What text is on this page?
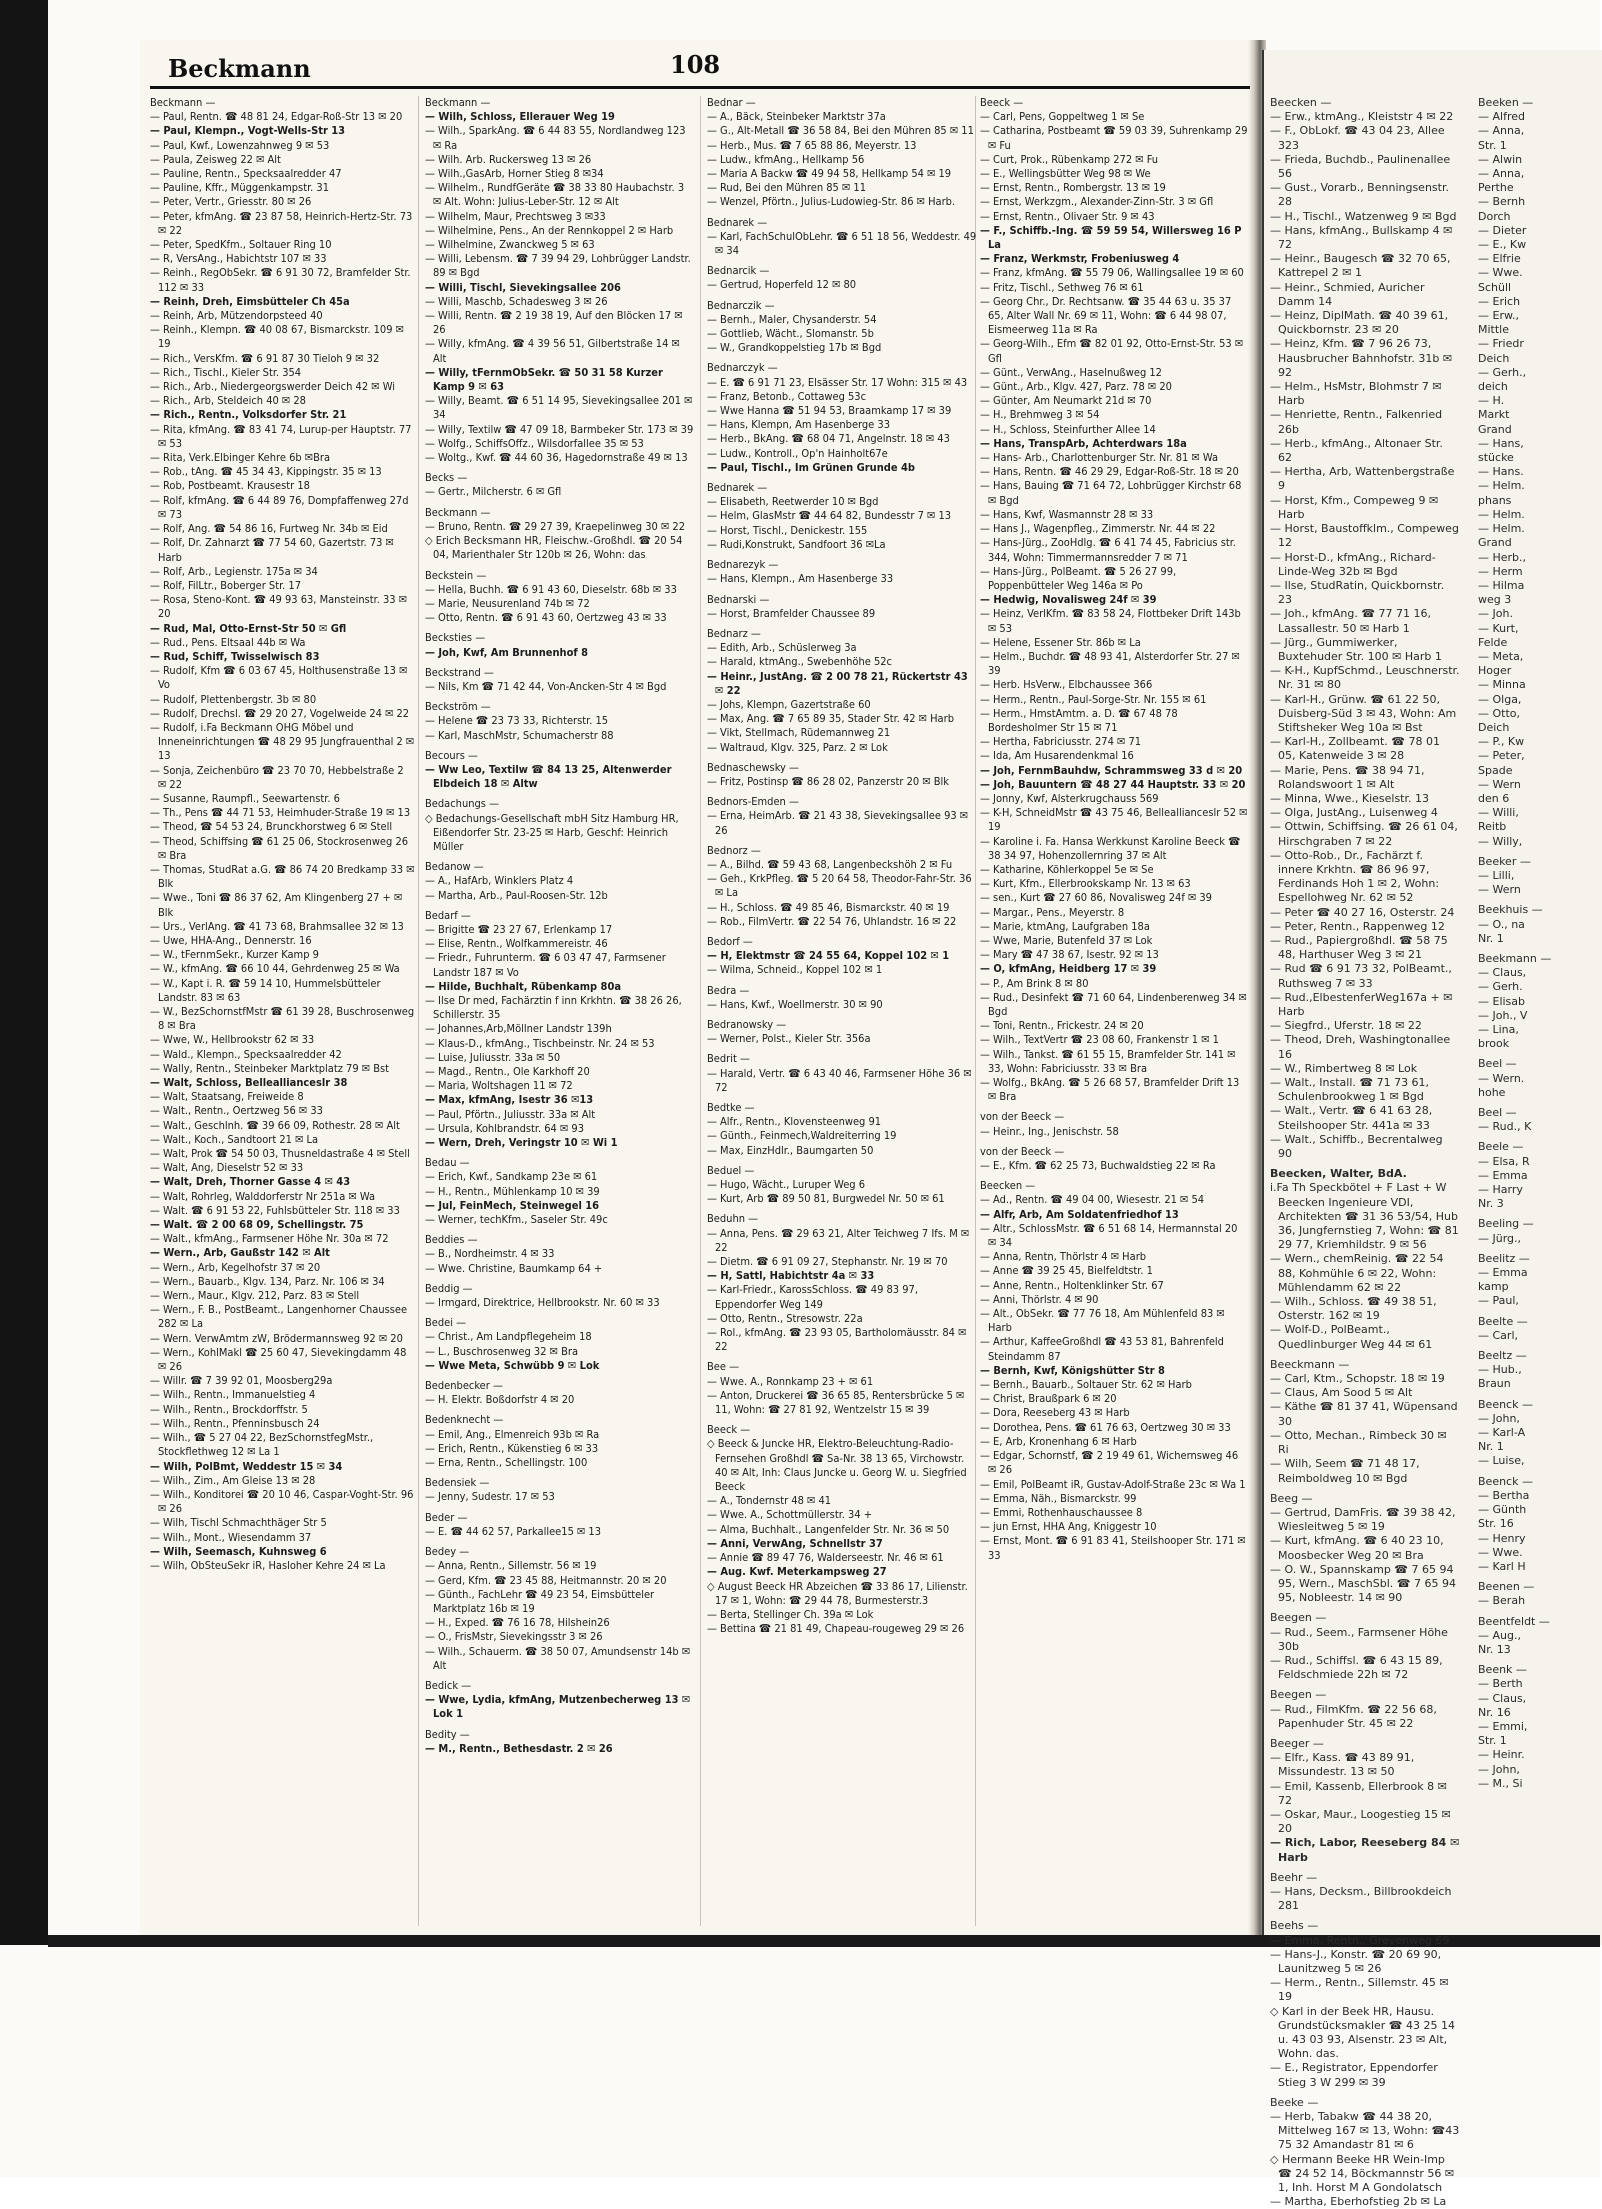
Beckmann	108

Beckmann —

— Paul, Rentn. ☎ 48 81 24, Edgar-Roß-Str 13 ✉ 20

— Paul, Klempn., Vogt-Wells-Str 13

— Paul, Kwf., Lowenzahnweg 9 ✉ 53

— Paula, Zeisweg 22 ✉ Alt

— Pauline, Rentn., Specksaalredder 47

— Pauline, Kffr., Müggenkampstr. 31

— Peter, Vertr., Griesstr. 80 ✉ 26

— Peter, kfmAng. ☎ 23 87 58, Heinrich-Hertz-Str. 73 ✉ 22

— Peter, SpedKfm., Soltauer Ring 10

— R, VersAng., Habichtstr 107 ✉ 33

— Reinh., RegObSekr. ☎ 6 91 30 72, Bramfelder Str. 112 ✉ 33

— Reinh, Dreh, Eimsbütteler Ch 45a

— Reinh, Arb, Mützendorpsteed 40

— Reinh., Klempn. ☎ 40 08 67, Bismarckstr. 109 ✉ 19

— Rich., VersKfm. ☎ 6 91 87 30 Tieloh 9 ✉ 32

— Rich., Tischl., Kieler Str. 354

— Rich., Arb., Niedergeorgswerder Deich 42 ✉ Wi

— Rich., Arb, Steldeich 40 ✉ 28

— Rich., Rentn., Volksdorfer Str. 21

— Rita, kfmAng. ☎ 83 41 74, Lurup-per Hauptstr. 77 ✉ 53

— Rita, Verk.Elbinger Kehre 6b ✉Bra

— Rob., tAng. ☎ 45 34 43, Kippingstr. 35 ✉ 13

— Rob, Postbeamt. Krausestr 18

— Rolf, kfmAng. ☎ 6 44 89 76, Dompfaffenweg 27d ✉ 73

— Rolf, Ang. ☎ 54 86 16, Furtweg Nr. 34b ✉ Eid

— Rolf, Dr. Zahnarzt ☎ 77 54 60, Gazertstr. 73 ✉ Harb

— Rolf, Arb., Legienstr. 175a ✉ 34

— Rolf, FilLtr., Boberger Str. 17

— Rosa, Steno-Kont. ☎ 49 93 63, Mansteinstr. 33 ✉ 20

— Rud, Mal, Otto-Ernst-Str 50 ✉ Gfl

— Rud., Pens. Eltsaal 44b ✉ Wa

— Rud, Schiff, Twisselwisch 83

— Rudolf, Kfm ☎ 6 03 67 45, Holthusenstraße 13 ✉ Vo

— Rudolf, Plettenbergstr. 3b ✉ 80

— Rudolf, Drechsl. ☎ 29 20 27, Vogelweide 24 ✉ 22

— Rudolf, i.Fa Beckmann OHG Möbel und Inneneinrichtungen ☎ 48 29 95 Jungfrauenthal 2 ✉ 13

— Sonja, Zeichenbüro ☎ 23 70 70, Hebbelstraße 2 ✉ 22

— Susanne, Raumpfl., Seewartenstr. 6

— Th., Pens ☎ 44 71 53, Heimhuder-Straße 19 ✉ 13

— Theod, ☎ 54 53 24, Brunckhorstweg 6 ✉ Stell

— Theod, Schiffsing ☎ 61 25 06, Stockrosenweg 26 ✉ Bra

— Thomas, StudRat a.G. ☎ 86 74 20 Bredkamp 33 ✉ Blk

— Wwe., Toni ☎ 86 37 62, Am Klingenberg 27 + ✉ Blk

— Urs., VerlAng. ☎ 41 73 68, Brahmsallee 32 ✉ 13

— Uwe, HHA-Ang., Dennerstr. 16

— W., tFernmSekr., Kurzer Kamp 9

— W., kfmAng. ☎ 66 10 44, Gehrdenweg 25 ✉ Wa

— W., Kapt i. R. ☎ 59 14 10, Hummelsbütteler Landstr. 83 ✉ 63

— W., BezSchornstfMstr ☎ 61 39 28, Buschrosenweg 8 ✉ Bra

— Wwe, W., Hellbrookstr 62 ✉ 33

— Wald., Klempn., Specksaalredder 42

— Wally, Rentn., Steinbeker Marktplatz 79 ✉ Bst

— Walt, Schloss, Belleallianceslr 38

— Walt, Staatsang, Freiweide 8

— Walt., Rentn., Oertzweg 56 ✉ 33

— Walt., Geschlnh. ☎ 39 66 09, Rothestr. 28 ✉ Alt

— Walt., Koch., Sandtoort 21 ✉ La

— Walt, Prok ☎ 54 50 03, Thusneldastraße 4 ✉ Stell

— Walt, Ang, Dieselstr 52 ✉ 33

— Walt, Dreh, Thorner Gasse 4 ✉ 43

— Walt, Rohrleg, Walddorferstr Nr 251a ✉ Wa

— Walt. ☎ 6 91 53 22, Fuhlsbütteler Str. 118 ✉ 33

— Walt. ☎ 2 00 68 09, Schellingstr. 75

— Walt., kfmAng., Farmsener Höhe Nr. 30a ✉ 72

— Wern., Arb, Gaußstr 142 ✉ Alt

— Wern., Arb, Kegelhofstr 37 ✉ 20

— Wern., Bauarb., Klgv. 134, Parz. Nr. 106 ✉ 34

— Wern., Maur., Klgv. 212, Parz. 83 ✉ Stell

— Wern., F. B., PostBeamt., Langenhorner Chaussee 282 ✉ La

— Wern. VerwAmtm zW, Brödermannsweg 92 ✉ 20

— Wern., KohlMakl ☎ 25 60 47, Sievekingdamm 48 ✉ 26

— Willr. ☎ 7 39 92 01, Moosberg29a

— Wilh., Rentn., Immanuelstieg 4

— Wilh., Rentn., Brockdorffstr. 5

— Wilh., Rentn., Pfenninsbusch 24

— Wilh., ☎ 5 27 04 22, BezSchornstfegMstr., Stockflethweg 12 ✉ La 1

— Wilh, PolBmt, Weddestr 15 ✉ 34

— Wilh., Zim., Am Gleise 13 ✉ 28

— Wilh., Konditorei ☎ 20 10 46, Caspar-Voght-Str. 96 ✉ 26

— Wilh, Tischl Schmachthäger Str 5

— Wilh., Mont., Wiesendamm 37

— Wilh, Seemasch, Kuhnsweg 6

— Wilh, ObStеuSekr iR, Hasloher Kehre 24 ✉ La

Beckmann —

— Wilh, Schloss, Ellerauer Weg 19

— Wilh., SparkAng. ☎ 6 44 83 55, Nordlandweg 123 ✉ Ra

— Wilh. Arb. Ruckersweg 13 ✉ 26

— Wilh.,GasArb, Horner Stieg 8 ✉34

— Wilhelm., RundfGeräte ☎ 38 33 80 Haubachstr. 3 ✉ Alt. Wohn: Julius-Leber-Str. 12 ✉ Alt

— Wilhelm, Maur, Prechtsweg 3 ✉33

— Wilhelmine, Pens., An der Rennkoppel 2 ✉ Harb

— Wilhelmine, Zwanckweg 5 ✉ 63

— Willi, Lebensm. ☎ 7 39 94 29, Lohbrügger Landstr. 89 ✉ Bgd

— Willi, Tischl, Sievekingsallee 206

— Willi, Maschb, Schadesweg 3 ✉ 26

— Willi, Rentn. ☎ 2 19 38 19, Auf den Blöcken 17 ✉ 26

— Willy, kfmAng. ☎ 4 39 56 51, Gilbertstraße 14 ✉ Alt

— Willy, tFernmObSekr. ☎ 50 31 58 Kurzer Kamp 9 ✉ 63

— Willy, Beamt. ☎ 6 51 14 95, Sievekingsallee 201 ✉ 34

— Willy, Textilw ☎ 47 09 18, Barmbeker Str. 173 ✉ 39

— Wolfg., SchiffsOffz., Wilsdorfallee 35 ✉ 53

— Woltg., Kwf. ☎ 44 60 36, Hagedornstraße 49 ✉ 13

Becks —

— Gertr., Milcherstr. 6 ✉ Gfl

Beckmann —

— Bruno, Rentn. ☎ 29 27 39, Kraepelinweg 30 ✉ 22

◇ Erich Becksmann HR, Fleischw.-Großhdl. ☎ 20 54 04, Marienthaler Str 120b ✉ 26, Wohn: das

Beckstein —

— Hella, Buchh. ☎ 6 91 43 60, Dieselstr. 68b ✉ 33

— Marie, Neusurenland 74b ✉ 72

— Otto, Rentn. ☎ 6 91 43 60, Oertzweg 43 ✉ 33

Becksties —

— Joh, Kwf, Am Brunnenhof 8

Beckstrand —

— Nils, Km ☎ 71 42 44, Von-Ancken-Str 4 ✉ Bgd

Beckström —

— Helene ☎ 23 73 33, Richterstr. 15

— Karl, MaschMstr, Schumacherstr 88

Becours —

— Ww Leo, Textilw ☎ 84 13 25, Altenwerder Elbdeich 18 ✉ Altw

Bedachungs —

◇ Bedachungs-Gesellschaft mbH Sitz Hamburg HR, Eißendorfer Str. 23-25 ✉ Harb, Geschf: Heinrich Müller

Bedanow —

— A., HafArb, Winklers Platz 4

— Martha, Arb., Paul-Roosen-Str. 12b

Bedarf —

— Brigitte ☎ 23 27 67, Erlenkamp 17

— Elise, Rentn., Wolfkammereistr. 46

— Friedr., Fuhrunterm. ☎ 6 03 47 47, Farmsener Landstr 187 ✉ Vo

— Hilde, Buchhalt, Rübenkamp 80a

— Ilse Dr med, Fachärztin f inn Krkhtn. ☎ 38 26 26, Schillerstr. 35

— Johannes,Arb,Möllner Landstr 139h

— Klaus-D., kfmAng., Tischbeinstr. Nr. 24 ✉ 53

— Luise, Juliusstr. 33a ✉ 50

— Magd., Rentn., Ole Karkhoff 20

— Maria, Woltshagen 11 ✉ 72

— Max, kfmAng, Isestr 36 ✉13

— Paul, Pförtn., Juliusstr. 33a ✉ Alt

— Ursula, Kohlbrandstr. 64 ✉ 93

— Wern, Dreh, Veringstr 10 ✉ Wi 1

Bedau —

— Erich, Kwf., Sandkamp 23e ✉ 61

— H., Rentn., Mühlenkamp 10 ✉ 39

— Jul, FeinMech, Steinwegel 16

— Werner, techKfm., Saseler Str. 49c

Beddies —

— B., Nordheimstr. 4 ✉ 33

— Wwe. Christine, Baumkamp 64 +

Beddig —

— Irmgard, Direktrice, Hellbrookstr. Nr. 60 ✉ 33

Bedei —

— Christ., Am Landpflegeheim 18

— L., Buschrosenweg 32 ✉ Bra

— Wwe Meta, Schwübb 9 ✉ Lok

Bedenbecker —

— H. Elektr. Boßdorfstr 4 ✉ 20

Bedenknecht —

— Emil, Ang., Elmenreich 93b ✉ Ra

— Erich, Rentn., Kükenstieg 6 ✉ 33

— Erna, Rentn., Schellingstr. 100

Bedensiek —

— Jenny, Sudestr. 17 ✉ 53

Beder —

— E. ☎ 44 62 57, Parkallee15 ✉ 13

Bedey —

— Anna, Rentn., Sillemstr. 56 ✉ 19

— Gerd, Kfm. ☎ 23 45 88, Heitmannstr. 20 ✉ 20

— Günth., FachLehr ☎ 49 23 54, Eimsbütteler Marktplatz 16b ✉ 19

— H., Exped. ☎ 76 16 78, Hilshein26

— O., FrisMstr, Sievekingsstr 3 ✉ 26

— Wilh., Schauerm. ☎ 38 50 07, Amundsenstr 14b ✉ Alt

Bedick —

— Wwe, Lydia, kfmAng, Mutzenbecherweg 13 ✉ Lok 1

Bedity —

— M., Rentn., Bethesdastr. 2 ✉ 26

Bednar —

— A., Bäck, Steinbeker Marktstr 37a

— G., Alt-Metall ☎ 36 58 84, Bei den Mühren 85 ✉ 11

— Herb., Mus. ☎ 7 65 88 86, Meyerstr. 13

— Ludw., kfmAng., Hellkamp 56

— Maria A Backw ☎ 49 94 58, Hellkamp 54 ✉ 19

— Rud, Bei den Mühren 85 ✉ 11

— Wenzel, Pförtn., Julius-Ludowieg-Str. 86 ✉ Harb.

Bednarek —

— Karl, FachSchulObLehr. ☎ 6 51 18 56, Weddestr. 49 ✉ 34

Bednarcik —

— Gertrud, Hoperfeld 12 ✉ 80

Bednarczik —

— Bernh., Maler, Chysanderstr. 54

— Gottlieb, Wächt., Slomanstr. 5b

— W., Grandkoppelstieg 17b ✉ Bgd

Bednarczyk —

— E. ☎ 6 91 71 23, Elsässer Str. 17 Wohn: 315 ✉ 43

— Franz, Betonb., Cottaweg 53c

— Wwe Hanna ☎ 51 94 53, Braamkamp 17 ✉ 39

— Hans, Klempn, Am Hasenberge 33

— Herb., BkAng. ☎ 68 04 71, Angelnstr. 18 ✉ 43

— Ludw., Kontroll., Op'n Hainholt67e

— Paul, Tischl., Im Grünen Grunde 4b

Bednarek —

— Elisabeth, Reetwerder 10 ✉ Bgd

— Helm, GlasMstr ☎ 44 64 82, Bundesstr 7 ✉ 13

— Horst, Tischl., Denickestr. 155

— Rudi,Konstrukt, Sandfoort 36 ✉La

Bednarezyk —

— Hans, Klempn., Am Hasenberge 33

Bednarski —

— Horst, Bramfelder Chaussee 89

Bednarz —

— Edith, Arb., Schüslerweg 3a

— Harald, ktmAng., Swebenhöhe 52c

— Heinr., JustAng. ☎ 2 00 78 21, Rückertstr 43 ✉ 22

— Johs, Klempn, Gazertstraße 60

— Max, Ang. ☎ 7 65 89 35, Stader Str. 42 ✉ Harb

— Vikt, Stellmach, Rüdemannweg 21

— Waltraud, Klgv. 325, Parz. 2 ✉ Lok

Bednaschewsky —

— Fritz, Postinsp ☎ 86 28 02, Panzerstr 20 ✉ Blk

Bednors-Emden —

— Erna, HeimArb. ☎ 21 43 38, Sievekingsallee 93 ✉ 26

Bednorz —

— A., Bilhd. ☎ 59 43 68, Langenbeckshöh 2 ✉ Fu

— Geh., KrkPfleg. ☎ 5 20 64 58, Theodor-Fahr-Str. 36 ✉ La

— H., Schloss. ☎ 49 85 46, Bismarckstr. 40 ✉ 19

— Rob., FilmVertr. ☎ 22 54 76, Uhlandstr. 16 ✉ 22

Bedorf —

— H, Elektmstr ☎ 24 55 64, Koppel 102 ✉ 1

— Wilma, Schneid., Koppel 102 ✉ 1

Bedra —

— Hans, Kwf., Woellmerstr. 30 ✉ 90

Bedranowsky —

— Werner, Polst., Kieler Str. 356a

Bedrit —

— Harald, Vertr. ☎ 6 43 40 46, Farmsener Höhe 36 ✉ 72

Bedtke —

— Alfr., Rentn., Klovensteenweg 91

— Günth., Feinmech,Waldreiterring 19

— Max, EinzHdlr., Baumgarten 50

Beduel —

— Hugo, Wächt., Luruper Weg 6

— Kurt, Arb ☎ 89 50 81, Burgwedel Nr. 50 ✉ 61

Beduhn —

— Anna, Pens. ☎ 29 63 21, Alter Teichweg 7 Ifs. M ✉ 22

— Dietm. ☎ 6 91 09 27, Stephanstr. Nr. 19 ✉ 70

— H, Sattl, Habichtstr 4a ✉ 33

— Karl-Friedr., KarossSchloss. ☎ 49 83 97, Eppendorfer Weg 149

— Otto, Rentn., Stresowstr. 22a

— Rol., kfmAng. ☎ 23 93 05, Bartholomäusstr. 84 ✉ 22

Bee —

— Wwe. A., Ronnkamp 23 + ✉ 61

— Anton, Druckerei ☎ 36 65 85, Rentersbrücke 5 ✉ 11, Wohn: ☎ 27 81 92, Wentzelstr 15 ✉ 39

Beeck —

◇ Beeck & Juncke HR, Elektro-Beleuchtung-Radio-Fernsehen Großhdl ☎ Sa-Nr. 38 13 65, Virchowstr. 40 ✉ Alt, Inh: Claus Juncke u. Georg W. u. Siegfried Beeck

— A., Tondernstr 48 ✉ 41

— Wwe. A., Schottmüllerstr. 34 +

— Alma, Buchhalt., Langenfelder Str. Nr. 36 ✉ 50

— Anni, VerwAng, Schnellstr 37

— Annie ☎ 89 47 76, Waldersеestr. Nr. 46 ✉ 61

— Aug. Kwf. Meterkampsweg 27

◇ August Beeck HR Abzeichen ☎ 33 86 17, Lilienstr. 17 ✉ 1, Wohn: ☎ 29 44 78, Burmesterstr.3

— Berta, Stellinger Ch. 39a ✉ Lok

— Bettina ☎ 21 81 49, Chapeau-rougeweg 29 ✉ 26

Beeck —

— Carl, Pens, Goppeltweg 1 ✉ Se

— Catharina, Postbeamt ☎ 59 03 39, Suhrenkamp 29 ✉ Fu

— Curt, Prok., Rübenkamp 272 ✉ Fu

— E., Wellingsbütter Weg 98 ✉ We

— Ernst, Rentn., Rombergstr. 13 ✉ 19

— Ernst, Werkzgm., Alexander-Zinn-Str. 3 ✉ Gfl

— Ernst, Rentn., Olivaer Str. 9 ✉ 43

— F., Schiffb.-Ing. ☎ 59 59 54, Willersweg 16 P La

— Franz, Werkmstr, Frobeniusweg 4

— Franz, kfmAng. ☎ 55 79 06, Wallingsallee 19 ✉ 60

— Fritz, Tischl., Sethweg 76 ✉ 61

— Georg Chr., Dr. Rechtsanw. ☎ 35 44 63 u. 35 37 65, Alter Wall Nr. 69 ✉ 11, Wohn: ☎ 6 44 98 07, Eismeerweg 11a ✉ Ra

— Georg-Wilh., Efm ☎ 82 01 92, Otto-Ernst-Str. 53 ✉ Gfl

— Günt., VerwAng., Haselnußweg 12

— Günt., Arb., Klgv. 427, Parz. 78 ✉ 20

— Günter, Am Neumarkt 21d ✉ 70

— H., Brehmweg 3 ✉ 54

— H., Schloss, Steinfurther Allee 14

— Hans, TranspArb, Achterdwars 18a

— Hans- Arb., Charlottenburger Str. Nr. 81 ✉ Wa

— Hans, Rentn. ☎ 46 29 29, Edgar-Roß-Str. 18 ✉ 20

— Hans, Bauing ☎ 71 64 72, Lohbrügger Kirchstr 68 ✉ Bgd

— Hans, Kwf, Wasmannstr 28 ✉ 33

— Hans J., Wagenpfleg., Zimmerstr. Nr. 44 ✉ 22

— Hans-Jürg., ZooHdlg. ☎ 6 41 74 45, Fabricius str. 344, Wohn: Timmermannsredder 7 ✉ 71

— Hans-Jürg., PolBeamt. ☎ 5 26 27 99, Poppenbütteler Weg 146a ✉ Po

— Hedwig, Novalisweg 24f ✉ 39

— Heinz, VerlKfm. ☎ 83 58 24, Flottbeker Drift 143b ✉ 53

— Helene, Essener Str. 86b ✉ La

— Helm., Buchdr. ☎ 48 93 41, Alsterdorfer Str. 27 ✉ 39

— Herb. HsVerw., Elbchaussee 366

— Herm., Rentn., Paul-Sorge-Str. Nr. 155 ✉ 61

— Herm., HmstAmtm. a. D. ☎ 67 48 78 Bordesholmer Str 15 ✉ 71

— Hertha, Fabriciusstr. 274 ✉ 71

— Ida, Am Husarendenkmal 16

— Joh, FernmBauhdw, Schrammsweg 33 d ✉ 20

— Joh, Bauuntern ☎ 48 27 44 Hauptstr. 33 ✉ 20

— Jonny, Kwf, Alsterkrugchauss 569

— K-H, SchneidMstr ☎ 43 75 46, Belleallianceslr 52 ✉ 19

— Karoline i. Fa. Hansa Werkkunst Karoline Beeck ☎ 38 34 97, Hohenzollernring 37 ✉ Alt

— Katharine, Köhlerkoppel 5e ✉ Se

— Kurt, Kfm., Ellerbrookskamp Nr. 13 ✉ 63

— sen., Kurt ☎ 27 60 86, Novalisweg 24f ✉ 39

— Margar., Pens., Meyerstr. 8

— Marie, ktmAng, Laufgraben 18a

— Wwe, Marie, Butenfeld 37 ✉ Lok

— Mary ☎ 47 38 67, Isestr. 92 ✉ 13

— O, kfmAng, Heidberg 17 ✉ 39

— P., Am Brink 8 ✉ 80

— Rud., Desinfekt ☎ 71 60 64, Lindenberenweg 34 ✉ Bgd

— Toni, Rentn., Frickestr. 24 ✉ 20

— Wilh., TextVertr ☎ 23 08 60, Frankenstr 1 ✉ 1

— Wilh., Tankst. ☎ 61 55 15, Bramfelder Str. 141 ✉ 33, Wohn: Fabriciusstr. 33 ✉ Bra

— Wolfg., BkAng. ☎ 5 26 68 57, Bramfelder Drift 13 ✉ Bra

von der Beeck —

— Heinr., Ing., Jenischstr. 58

von der Beeck —

— E., Kfm. ☎ 62 25 73, Buchwaldstieg 22 ✉ Ra

Beecken —

— Ad., Rentn. ☎ 49 04 00, Wiesestr. 21 ✉ 54

— Alfr, Arb, Am Soldatenfriedhof 13

— Altr., SchlossMstr. ☎ 6 51 68 14, Hermannstal 20 ✉ 34

— Anna, Rentn, Thörlstr 4 ✉ Harb

— Anne ☎ 39 25 45, Bielfeldtstr. 1

— Anne, Rentn., Holtenklinker Str. 67

— Anni, Thörlstr. 4 ✉ 90

— Alt., ObSekr. ☎ 77 76 18, Am Mühlenfeld 83 ✉ Harb

— Arthur, KaffeeGroßhdl ☎ 43 53 81, Bahrenfeld Steindamm 87

— Bernh, Kwf, Königshütter Str 8

— Bernh., Bauarb., Soltauer Str. 62 ✉ Harb

— Christ, Braußpark 6 ✉ 20

— Dora, Reeseberg 43 ✉ Harb

— Dorothea, Pens. ☎ 61 76 63, Oertzweg 30 ✉ 33

— E, Arb, Kronenhang 6 ✉ Harb

— Edgar, Schornstf, ☎ 2 19 49 61, Wichernsweg 46 ✉ 26

— Emil, PolBeamt iR, Gustav-Adolf-Straße 23c ✉ Wa 1

— Emma, Näh., Bismarckstr. 99

— Emmi, Rothenhauschaussee 8

— jun Ernst, HHA Ang, Kniggestr 10

— Ernst, Mont. ☎ 6 91 83 41, Steilshooper Str. 171 ✉ 33

Beecken —

— Erw., ktmAng., Kleiststr 4 ✉ 22

— F., ObLokf. ☎ 43 04 23, Allee 323

— Frieda, Buchdb., Paulinenallee 56

— Gust., Vorarb., Benningsenstr. 28

— H., Tischl., Watzenweg 9 ✉ Bgd

— Hans, kfmAng., Bullskamp 4 ✉ 72

— Heinr., Baugesch ☎ 32 70 65, Kattrepel 2 ✉ 1

— Heinr., Schmied, Auricher Damm 14

— Heinz, DiplMath. ☎ 40 39 61, Quickbornstr. 23 ✉ 20

— Heinz, Kfm. ☎ 7 96 26 73, Hausbrucher Bahnhofstr. 31b ✉ 92

— Helm., HsMstr, Blohmstr 7 ✉Harb

— Henriette, Rentn., Falkenried 26b

— Herb., kfmAng., Altonaer Str. 62

— Hertha, Arb, Wattenbergstraße 9

— Horst, Kfm., Compeweg 9 ✉ Harb

— Horst, Baustoffklm., Compeweg 12

— Horst-D., kfmAng., Richard-Linde-Weg 32b ✉ Bgd

— Ilse, StudRatin, Quickbornstr. 23

— Joh., kfmAng. ☎ 77 71 16, Lassallestr. 50 ✉ Harb 1

— Jürg., Gummiwerker, Buxtehuder Str. 100 ✉ Harb 1

— K-H., KupfSchmd., Leuschnerstr. Nr. 31 ✉ 80

— Karl-H., Grünw. ☎ 61 22 50, Duisberg-Süd 3 ✉ 43, Wohn: Am Stiftsheker Weg 10a ✉ Bst

— Karl-H., Zollbeamt. ☎ 78 01 05, Katenweide 3 ✉ 28

— Marie, Pens. ☎ 38 94 71, Rolandswoort 1 ✉ Alt

— Minna, Wwe., Kieselstr. 13

— Olga, JustAng., Luisenweg 4

— Ottwin, Schiffsing. ☎ 26 61 04, Hirschgraben 7 ✉ 22

— Otto-Rob., Dr., Fachärzt f. innere Krkhtn. ☎ 86 96 97, Ferdinands Hoh 1 ✉ 2, Wohn: Espellohweg Nr. 62 ✉ 52

— Peter ☎ 40 27 16, Osterstr. 24

— Peter, Rentn., Rappenweg 12

— Rud., Papiergroßhdl. ☎ 58 75 48, Harthuser Weg 3 ✉ 21

— Rud ☎ 6 91 73 32, PolBeamt., Ruthsweg 7 ✉ 33

— Rud.,ElbestenferWeg167a + ✉Harb

— Siegfrd., Uferstr. 18 ✉ 22

— Theod, Dreh, Washingtonallee 16

— W., Rimbertweg 8 ✉ Lok

— Walt., Install. ☎ 71 73 61, Schulenbrookweg 1 ✉ Bgd

— Walt., Vertr. ☎ 6 41 63 28, Steilshooper Str. 441a ✉ 33

— Walt., Schiffb., Becrentalweg 90

Beecken, Walter, BdA.

i.Fa Th Speckbötel + F Last + W Beecken Ingenieure VDI, Architekten ☎ 31 36 53/54, Hub 36, Jungfernstieg 7, Wohn: ☎ 81 29 77, Kriemhildstr. 9 ✉ 56

— Wern., chemReinig. ☎ 22 54 88, Kohmühle 6 ✉ 22, Wohn: Mühlendamm 62 ✉ 22

— Wilh., Schloss. ☎ 49 38 51, Osterstr. 162 ✉ 19

— Wolf-D., PolBeamt., Quedlinburger Weg 44 ✉ 61

Beeckmann —

— Carl, Ktm., Schopstr. 18 ✉ 19

— Claus, Am Sood 5 ✉ Alt

— Käthe ☎ 81 37 41, Wüpensand 30

— Otto, Mechan., Rimbeck 30 ✉ Ri

— Wilh, Seem ☎ 71 48 17, Reimboldweg 10 ✉ Bgd

Beeg —

— Gertrud, DamFris. ☎ 39 38 42, Wiesleitweg 5 ✉ 19

— Kurt, kfmAng. ☎ 6 40 23 10, Moosbecker Weg 20 ✉ Bra

— O. W., Spannskamp ☎ 7 65 94 95, Wern., MaschSbl. ☎ 7 65 94 95, Nobleestr. 14 ✉ 90

Beegen —

— Rud., Seem., Farmsener Höhe 30b

— Rud., Schiffsl. ☎ 6 43 15 89, Feldschmiede 22h ✉ 72

Beegen —

— Rud., FilmKfm. ☎ 22 56 68, Papenhuder Str. 45 ✉ 22

Beeger —

— Elfr., Kass. ☎ 43 89 91, Missundestr. 13 ✉ 50

— Emil, Kassenb, Ellerbrook 8 ✉ 72

— Oskar, Maur., Loogestieg 15 ✉20

— Rich, Labor, Reeseberg 84 ✉ Harb

Beehr —

— Hans, Decksm., Billbrookdeich 281

Beehs —

— Emma, Rentn., Grevenweg 69

— Hans-J., Konstr. ☎ 20 69 90, Launitzweg 5 ✉ 26

— Herm., Rentn., Sillemstr. 45 ✉ 19

◇ Karl in der Beek HR, Hausu. Grundstücksmakler ☎ 43 25 14 u. 43 03 93, Alsenstr. 23 ✉ Alt, Wohn. das.

— E., Registrator, Eppendorfer Stieg 3 W 299 ✉ 39

Beeke —

— Herb, Tabakw ☎ 44 38 20, Mittelweg 167 ✉ 13, Wohn: ☎43 75 32 Amandastr 81 ✉ 6

◇ Hermann Beeke HR Wein-Imp ☎ 24 52 14, Böckmannstr 56 ✉ 1, Inh. Horst M A Gondolatsch

— Martha, Eberhofstieg 2b ✉ La

Beeken —

— Alfred

— Anna,

Str. 1

— Alwin

— Anna,

Perthe

— Bernh

Dorch

— Dieter

— E., Kw

— Elfrie

— Wwe.

Schüll

— Erich

— Erw.,

Mittle

— Friedr

Deich

— Gerh.,

deich

— H.

Markt

Grand

— Hans,

stücke

— Hans.

— Helm.

phans

— Helm.

— Helm.

Grand

— Herb.,

— Herm

— Hilma

weg 3

— Joh.

— Kurt,

Felde

— Meta,

Hoger

— Minna

— Olga,

— Otto,

Deich

— P., Kw

— Peter,

Spade

— Wern

den 6

— Willi,

Reitb

— Willy,

Beeker —

— Lilli,

— Wern

Beekhuis —

— O., na

Nr. 1

Beekmann —

— Claus,

— Gerh.

— Elisab

— Joh., V

— Lina,

brook

Beel —

— Wern.

hohe

Beel —

— Rud., K

Beele —

— Elsa, R

— Emma

— Harry

Nr. 3

Beeling —

— Jürg.,

Beelitz —

— Emma

kamp

— Paul,

Beelte —

— Carl,

Beeltz —

— Hub.,

Braun

Beenck —

— John,

— Karl-A

Nr. 1

— Luise,

Beenck —

— Bertha

— Günth

Str. 16

— Henry

— Wwe.

— Karl H

Beenen —

— Berah

Beentfeldt —

— Aug.,

Nr. 13

Beenk —

— Berth

— Claus,

Nr. 16

— Emmi,

Str. 1

— Heinr.

— John,

— M., Si
